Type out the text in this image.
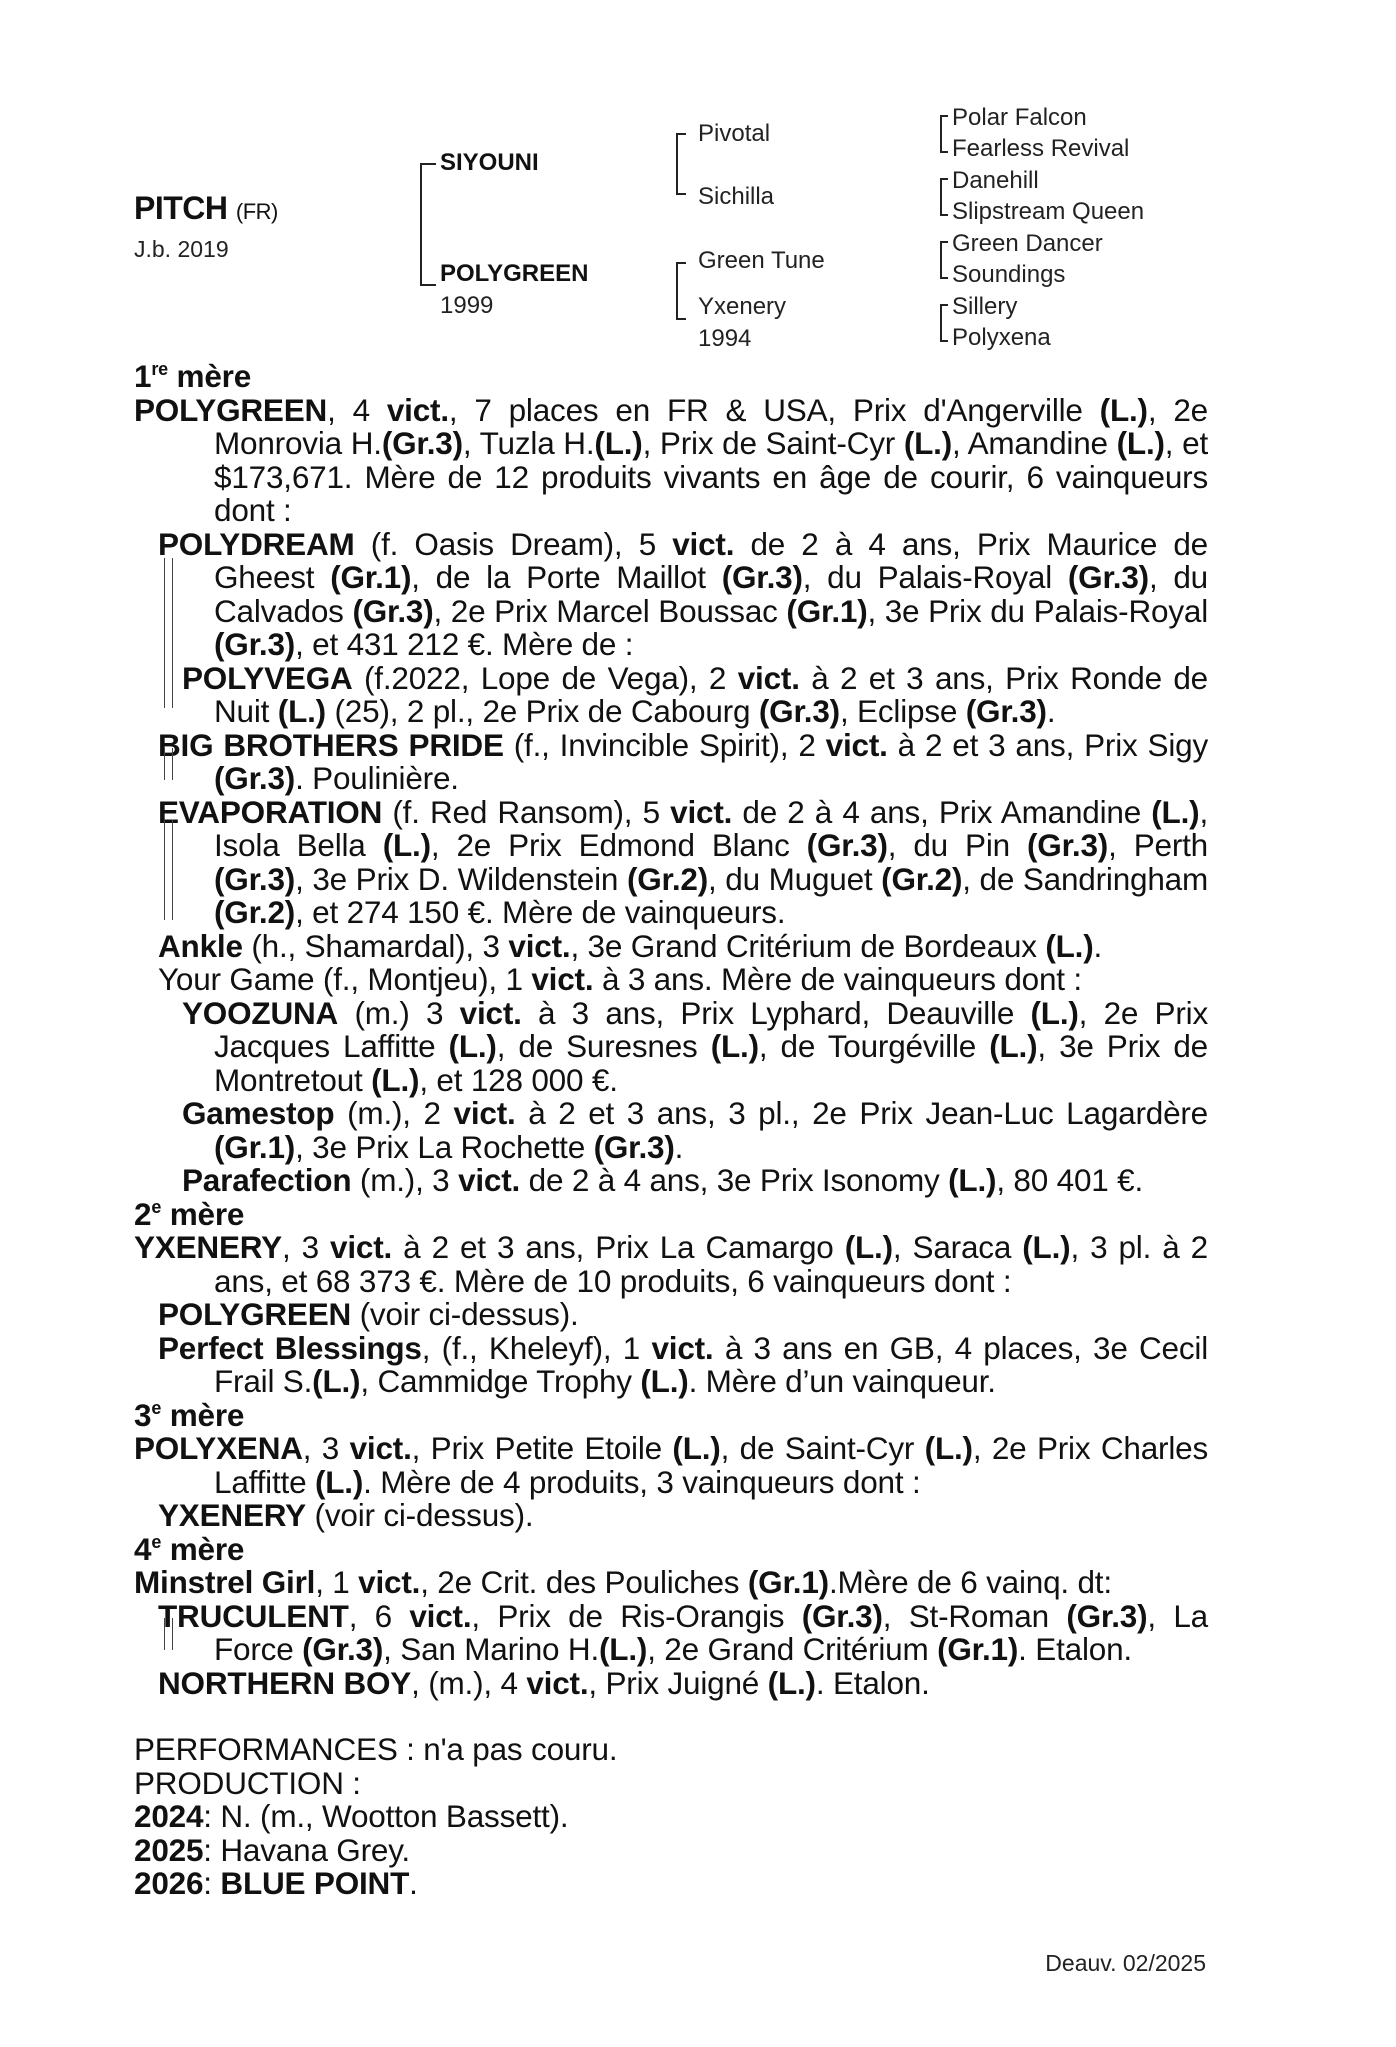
PITCH (FR)
J.b. 2019
SIYOUNI
POLYGREEN
1999
Pivotal
Sichilla
Green Tune
Yxenery
1994
Polar Falcon
Fearless Revival
Danehill
Slipstream Queen
Green Dancer
Soundings
Sillery
Polyxena
1re mère
POLYGREEN, 4 vict., 7 places en FR & USA, Prix d'Angerville (L.), 2e Monrovia H.(Gr.3), Tuzla H.(L.), Prix de Saint-Cyr (L.), Amandine (L.), et $173,671. Mère de 12 produits vivants en âge de courir, 6 vainqueurs dont :
POLYDREAM (f. Oasis Dream), 5 vict. de 2 à 4 ans, Prix Maurice de Gheest (Gr.1), de la Porte Maillot (Gr.3), du Palais-Royal (Gr.3), du Calvados (Gr.3), 2e Prix Marcel Boussac (Gr.1), 3e Prix du Palais-Royal (Gr.3), et 431 212 €. Mère de :
POLYVEGA (f.2022, Lope de Vega), 2 vict. à 2 et 3 ans, Prix Ronde de Nuit (L.) (25), 2 pl., 2e Prix de Cabourg (Gr.3), Eclipse (Gr.3).
BIG BROTHERS PRIDE (f., Invincible Spirit), 2 vict. à 2 et 3 ans, Prix Sigy (Gr.3). Poulinière.
EVAPORATION (f. Red Ransom), 5 vict. de 2 à 4 ans, Prix Amandine (L.), Isola Bella (L.), 2e Prix Edmond Blanc (Gr.3), du Pin (Gr.3), Perth (Gr.3), 3e Prix D. Wildenstein (Gr.2), du Muguet (Gr.2), de Sandringham (Gr.2), et 274 150 €. Mère de vainqueurs.
Ankle (h., Shamardal), 3 vict., 3e Grand Critérium de Bordeaux (L.).
Your Game (f., Montjeu), 1 vict. à 3 ans. Mère de vainqueurs dont :
YOOZUNA (m.) 3 vict. à 3 ans, Prix Lyphard, Deauville (L.), 2e Prix Jacques Laffitte (L.), de Suresnes (L.), de Tourgéville (L.), 3e Prix de Montretout (L.), et 128 000 €.
Gamestop (m.), 2 vict. à 2 et 3 ans, 3 pl., 2e Prix Jean-Luc Lagardère (Gr.1), 3e Prix La Rochette (Gr.3).
Parafection (m.), 3 vict. de 2 à 4 ans, 3e Prix Isonomy (L.), 80 401 €.
2e mère
YXENERY, 3 vict. à 2 et 3 ans, Prix La Camargo (L.), Saraca (L.), 3 pl. à 2 ans, et 68 373 €. Mère de 10 produits, 6 vainqueurs dont :
POLYGREEN (voir ci-dessus).
Perfect Blessings, (f., Kheleyf), 1 vict. à 3 ans en GB, 4 places, 3e Cecil Frail S.(L.), Cammidge Trophy (L.). Mère d’un vainqueur.
3e mère
POLYXENA, 3 vict., Prix Petite Etoile (L.), de Saint-Cyr (L.), 2e Prix Charles Laffitte (L.). Mère de 4 produits, 3 vainqueurs dont :
YXENERY (voir ci-dessus).
4e mère
Minstrel Girl, 1 vict., 2e Crit. des Pouliches (Gr.1).Mère de 6 vainq. dt:
TRUCULENT, 6 vict., Prix de Ris-Orangis (Gr.3), St-Roman (Gr.3), La Force (Gr.3), San Marino H.(L.), 2e Grand Critérium (Gr.1). Etalon.
NORTHERN BOY, (m.), 4 vict., Prix Juigné (L.). Etalon.
PERFORMANCES : n'a pas couru.
PRODUCTION :
2024: N. (m., Wootton Bassett).
2025: Havana Grey.
2026: BLUE POINT.
Deauv. 02/2025
